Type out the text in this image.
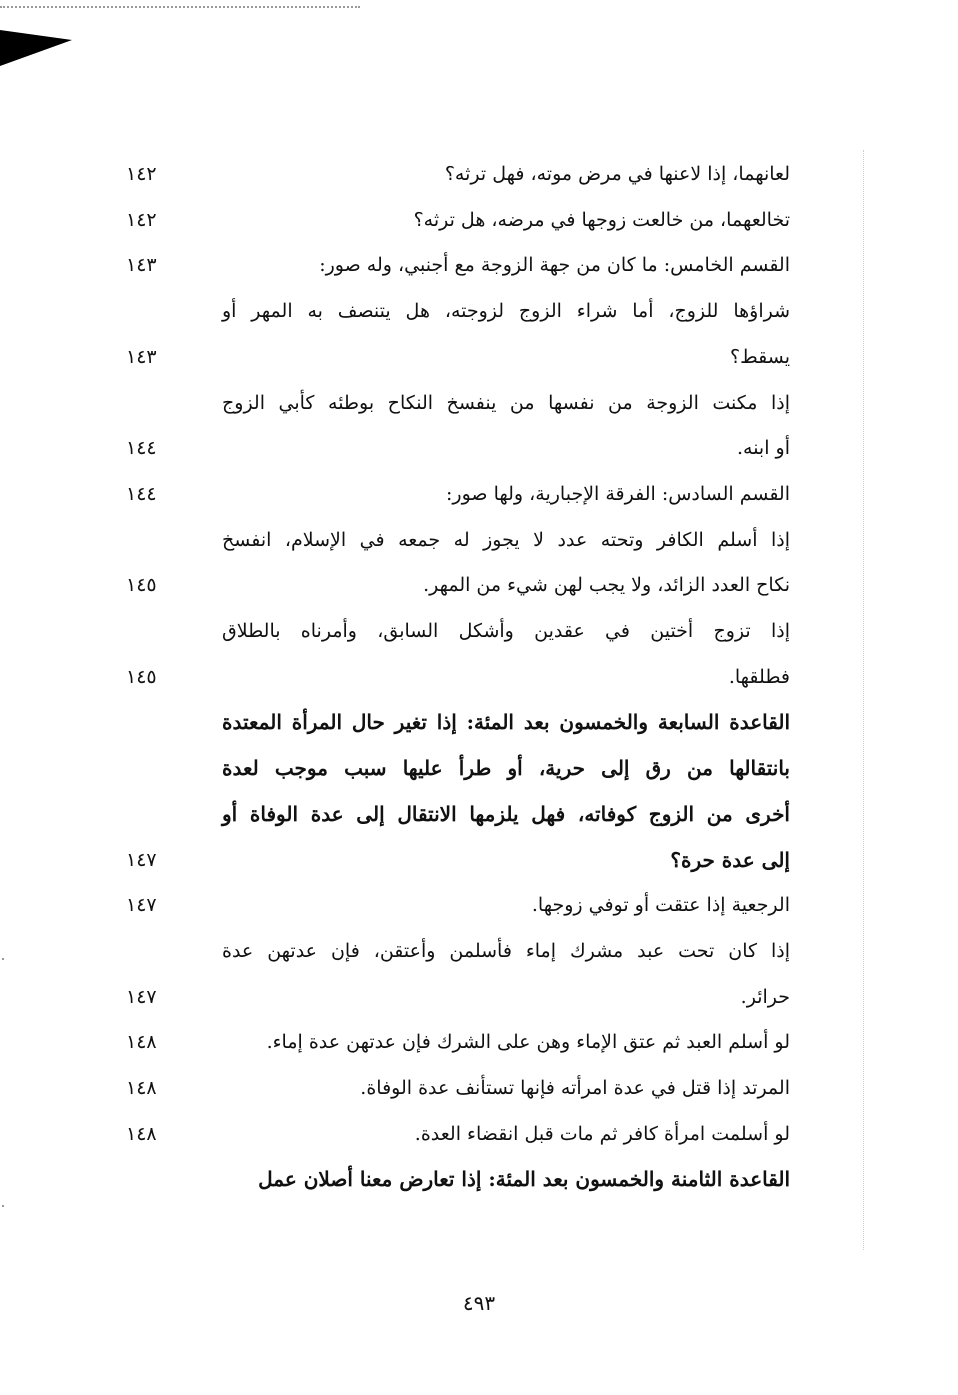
لعانهما، إذا لاعنها في مرض موته، فهل ترثه؟
١٤٢
تخالعهما، من خالعت زوجها في مرضه، هل ترثه؟
١٤٢
القسم الخامس: ما كان من جهة الزوجة مع أجنبي، وله صور:
١٤٣
شراؤها للزوج، أما شراء الزوج لزوجته، هل يتنصف به المهر أو
يسقط؟
١٤٣
إذا مكنت الزوجة من نفسها من ينفسخ النكاح بوطئه كأبي الزوج
أو ابنه.
١٤٤
القسم السادس: الفرقة الإجبارية، ولها صور:
١٤٤
إذا أسلم الكافر وتحته عدد لا يجوز له جمعه في الإسلام، انفسخ
نكاح العدد الزائد، ولا يجب لهن شيء من المهر.
١٤٥
إذا تزوج أختين في عقدين وأشكل السابق، وأمرناه بالطلاق
فطلقها.
١٤٥
القاعدة السابعة والخمسون بعد المئة: إذا تغير حال المرأة المعتدة
بانتقالها من رق إلى حرية، أو طرأ عليها سبب موجب لعدة
أخرى من الزوج كوفاته، فهل يلزمها الانتقال إلى عدة الوفاة أو
إلى عدة حرة؟
١٤٧
الرجعية إذا عتقت أو توفي زوجها.
١٤٧
إذا كان تحت عبد مشرك إماء فأسلمن وأعتقن، فإن عدتهن عدة
حرائر.
١٤٧
لو أسلم العبد ثم عتق الإماء وهن على الشرك فإن عدتهن عدة إماء.
١٤٨
المرتد إذا قتل في عدة امرأته فإنها تستأنف عدة الوفاة.
١٤٨
لو أسلمت امرأة كافر ثم مات قبل انقضاء العدة.
١٤٨
القاعدة الثامنة والخمسون بعد المئة: إذا تعارض معنا أصلان عمل
٤٩٣
